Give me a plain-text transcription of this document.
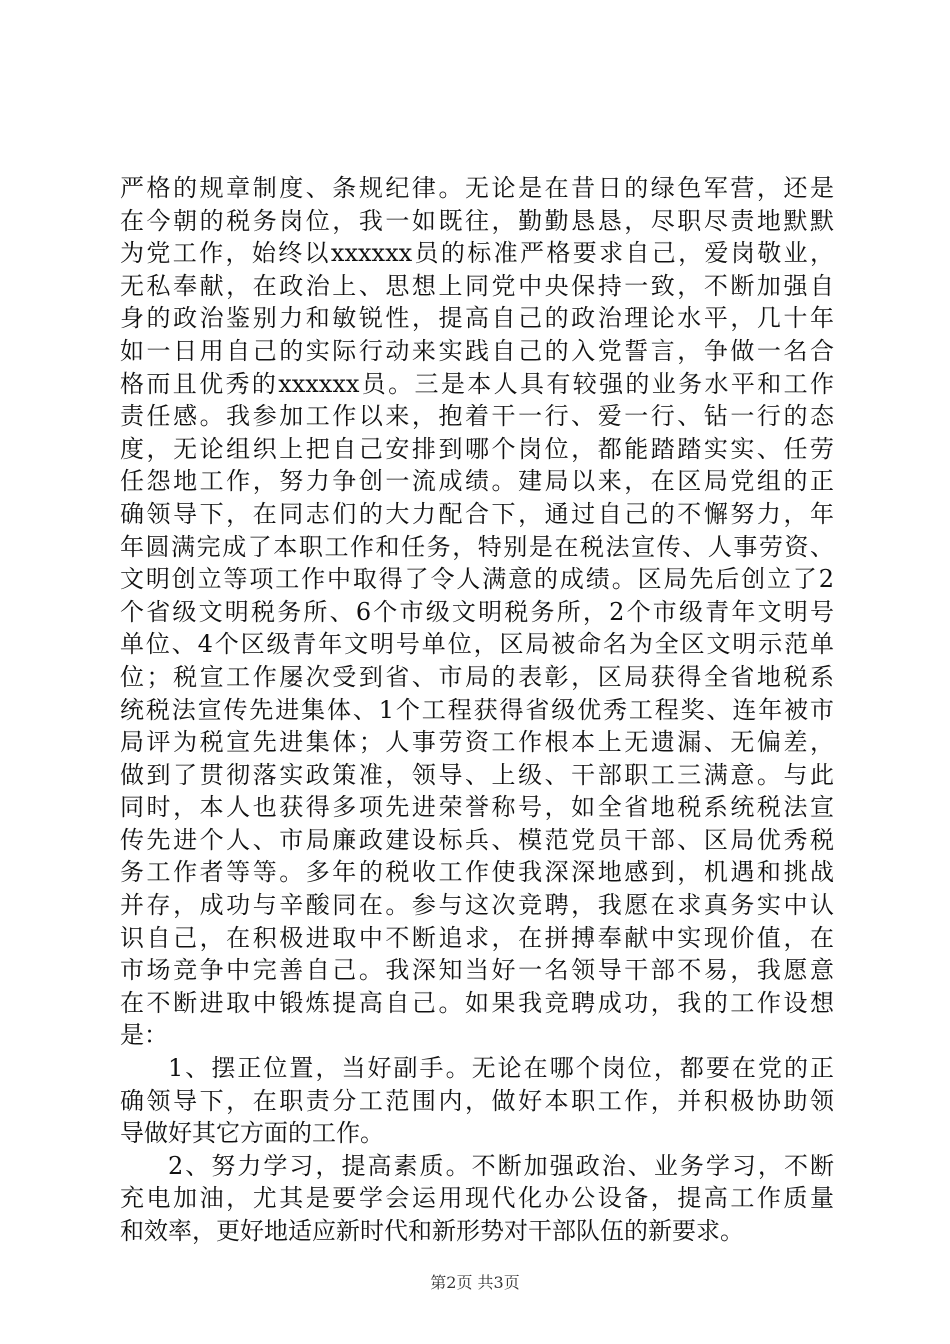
严格的规章制度、条规纪律。无论是在昔日的绿色军营，还是
在今朝的税务岗位，我一如既往，勤勤恳恳，尽职尽责地默默
为党工作，始终以xxxxxx员的标准严格要求自己，爱岗敬业，
无私奉献，在政治上、思想上同党中央保持一致，不断加强自
身的政治鉴别力和敏锐性，提高自己的政治理论水平，几十年
如一日用自己的实际行动来实践自己的入党誓言，争做一名合
格而且优秀的xxxxxx员。三是本人具有较强的业务水平和工作
责任感。我参加工作以来，抱着干一行、爱一行、钻一行的态
度，无论组织上把自己安排到哪个岗位，都能踏踏实实、任劳
任怨地工作，努力争创一流成绩。建局以来，在区局党组的正
确领导下，在同志们的大力配合下，通过自己的不懈努力，年
年圆满完成了本职工作和任务，特别是在税法宣传、人事劳资、
文明创立等项工作中取得了令人满意的成绩。区局先后创立了2
个省级文明税务所、6个市级文明税务所，2个市级青年文明号
单位、4个区级青年文明号单位，区局被命名为全区文明示范单
位；税宣工作屡次受到省、市局的表彰，区局获得全省地税系
统税法宣传先进集体、1个工程获得省级优秀工程奖、连年被市
局评为税宣先进集体；人事劳资工作根本上无遗漏、无偏差，
做到了贯彻落实政策准，领导、上级、干部职工三满意。与此
同时，本人也获得多项先进荣誉称号，如全省地税系统税法宣
传先进个人、市局廉政建设标兵、模范党员干部、区局优秀税
务工作者等等。多年的税收工作使我深深地感到，机遇和挑战
并存，成功与辛酸同在。参与这次竞聘，我愿在求真务实中认
识自己，在积极进取中不断追求，在拼搏奉献中实现价值，在
市场竞争中完善自己。我深知当好一名领导干部不易，我愿意
在不断进取中锻炼提高自己。如果我竞聘成功，我的工作设想
是：
1、摆正位置，当好副手。无论在哪个岗位，都要在党的正
确领导下，在职责分工范围内，做好本职工作，并积极协助领
导做好其它方面的工作。
2、努力学习，提高素质。不断加强政治、业务学习，不断
充电加油，尤其是要学会运用现代化办公设备，提高工作质量
和效率，更好地适应新时代和新形势对干部队伍的新要求。
第2页 共3页
